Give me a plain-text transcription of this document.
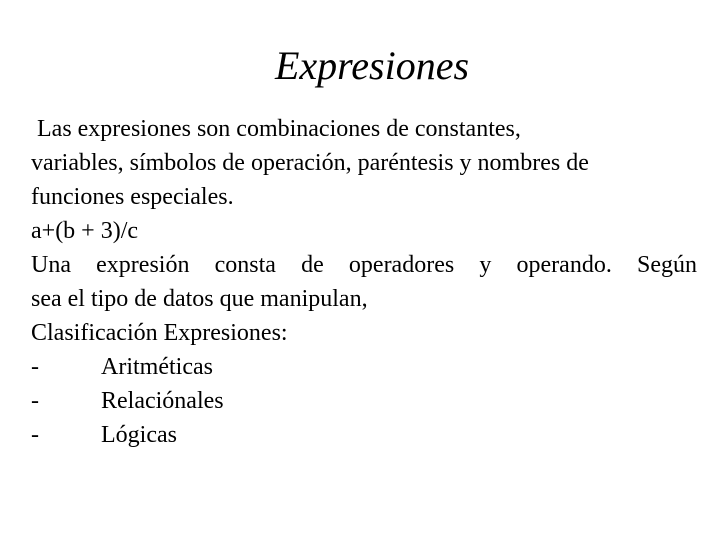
Expresiones
Las expresiones son combinaciones de constantes,
variables, símbolos de operación, paréntesis y nombres de
funciones especiales.
a+(b + 3)/c
Una expresión consta de operadores y operando. Según
sea el tipo de datos que manipulan,
Clasificación Expresiones:
-	Aritméticas
-	Relaciónales
-	Lógicas
